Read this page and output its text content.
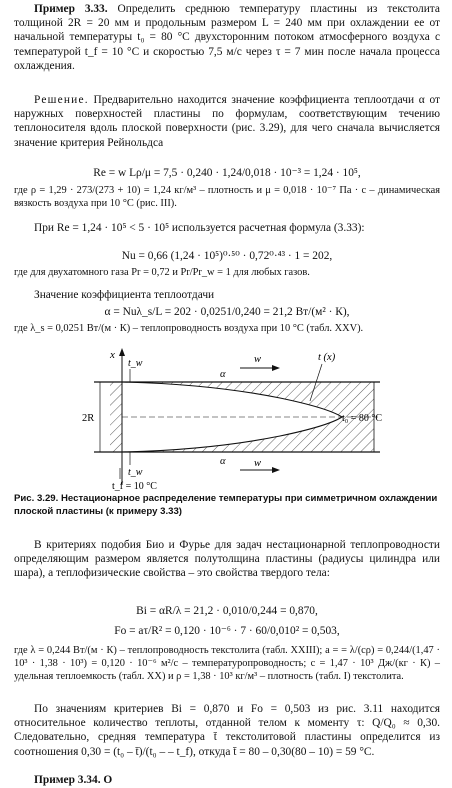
Пример 3.33. Определить среднюю температуру пластины из текстолита толщиной 2R = 20 мм и продольным размером L = 240 мм при охлаждении ее от начальной температуры t₀ = 80 °С двухсторонним потоком атмосферного воздуха с температурой t_f = 10 °С и скоростью 7,5 м/с через τ = 7 мин после начала процесса охлаждения.

Решение. Предварительно находится значение коэффициента теплоотдачи α от наружных поверхностей пластины по формулам, соответствующим течению теплоносителя вдоль плоской поверхности (рис. 3.29), для чего сначала вычисляется значение критерия Рейнольдса

Re = w Lρ/μ = 7,5 · 0,240 · 1,24/0,018 · 10⁻³ = 1,24 · 10⁵,

где ρ = 1,29 · 273/(273 + 10) = 1,24 кг/м³ – плотность и μ = 0,018 · 10⁻⁷ Па · с – динамическая вязкость воздуха при 10 °С (рис. III).

При Re = 1,24 · 10⁵ < 5 · 10⁵ используется расчетная формула (3.33):

Nu = 0,66 (1,24 · 10⁵)⁰·⁵⁰ · 0,72⁰·⁴³ · 1 = 202,

где для двухатомного газа Pr = 0,72 и Pr/Pr_w = 1 для любых газов.

Значение коэффициента теплоотдачи

α = Nuλ_s/L = 202 · 0,0251/0,240 = 21,2 Вт/(м² · К),

где λ_s = 0,0251 Вт/(м · К) – теплопроводность воздуха при 10 °С (табл. XXV).

x
2R
w
w
t_w
t_w
α
α
t (x)
t₀ = 80 °C
t_f = 10 °C

Рис. 3.29. Нестационарное распределение температуры при симметричном охлаждении плоской пластины (к примеру 3.33)

В критериях подобия Био и Фурье для задач нестационарной теплопроводности определяющим размером является полутолщина пластины (радиусы цилиндра или шара), а теплофизические свойства – это свойства твердого тела:

Bi = αR/λ = 21,2 · 0,010/0,244 = 0,870,

Fo = aτ/R² = 0,120 · 10⁻⁶ · 7 · 60/0,010² = 0,503,

где λ = 0,244 Вт/(м · К) – теплопроводность текстолита (табл. XXIII); a = = λ/(cρ) = 0,244/(1,47 · 10³ · 1,38 · 10³) = 0,120 · 10⁻⁶ м²/с – температуропроводность; c = 1,47 · 10³ Дж/(кг · К) – удельная теплоемкость (табл. XX) и ρ = 1,38 · 10³ кг/м³ – плотность (табл. I) текстолита.

По значениям критериев Bi = 0,870 и Fo = 0,503 из рис. 3.11 находится относительное количество теплоты, отданной телом к моменту τ: Q/Q₀ ≈ 0,30. Следовательно, средняя температура t̄ текстолитовой пластины определится из соотношения 0,30 = (t₀ – t̄)/(t₀ – – t_f), откуда t̄ = 80 – 0,30(80 – 10) = 59 °С.

Пример 3.34. О
